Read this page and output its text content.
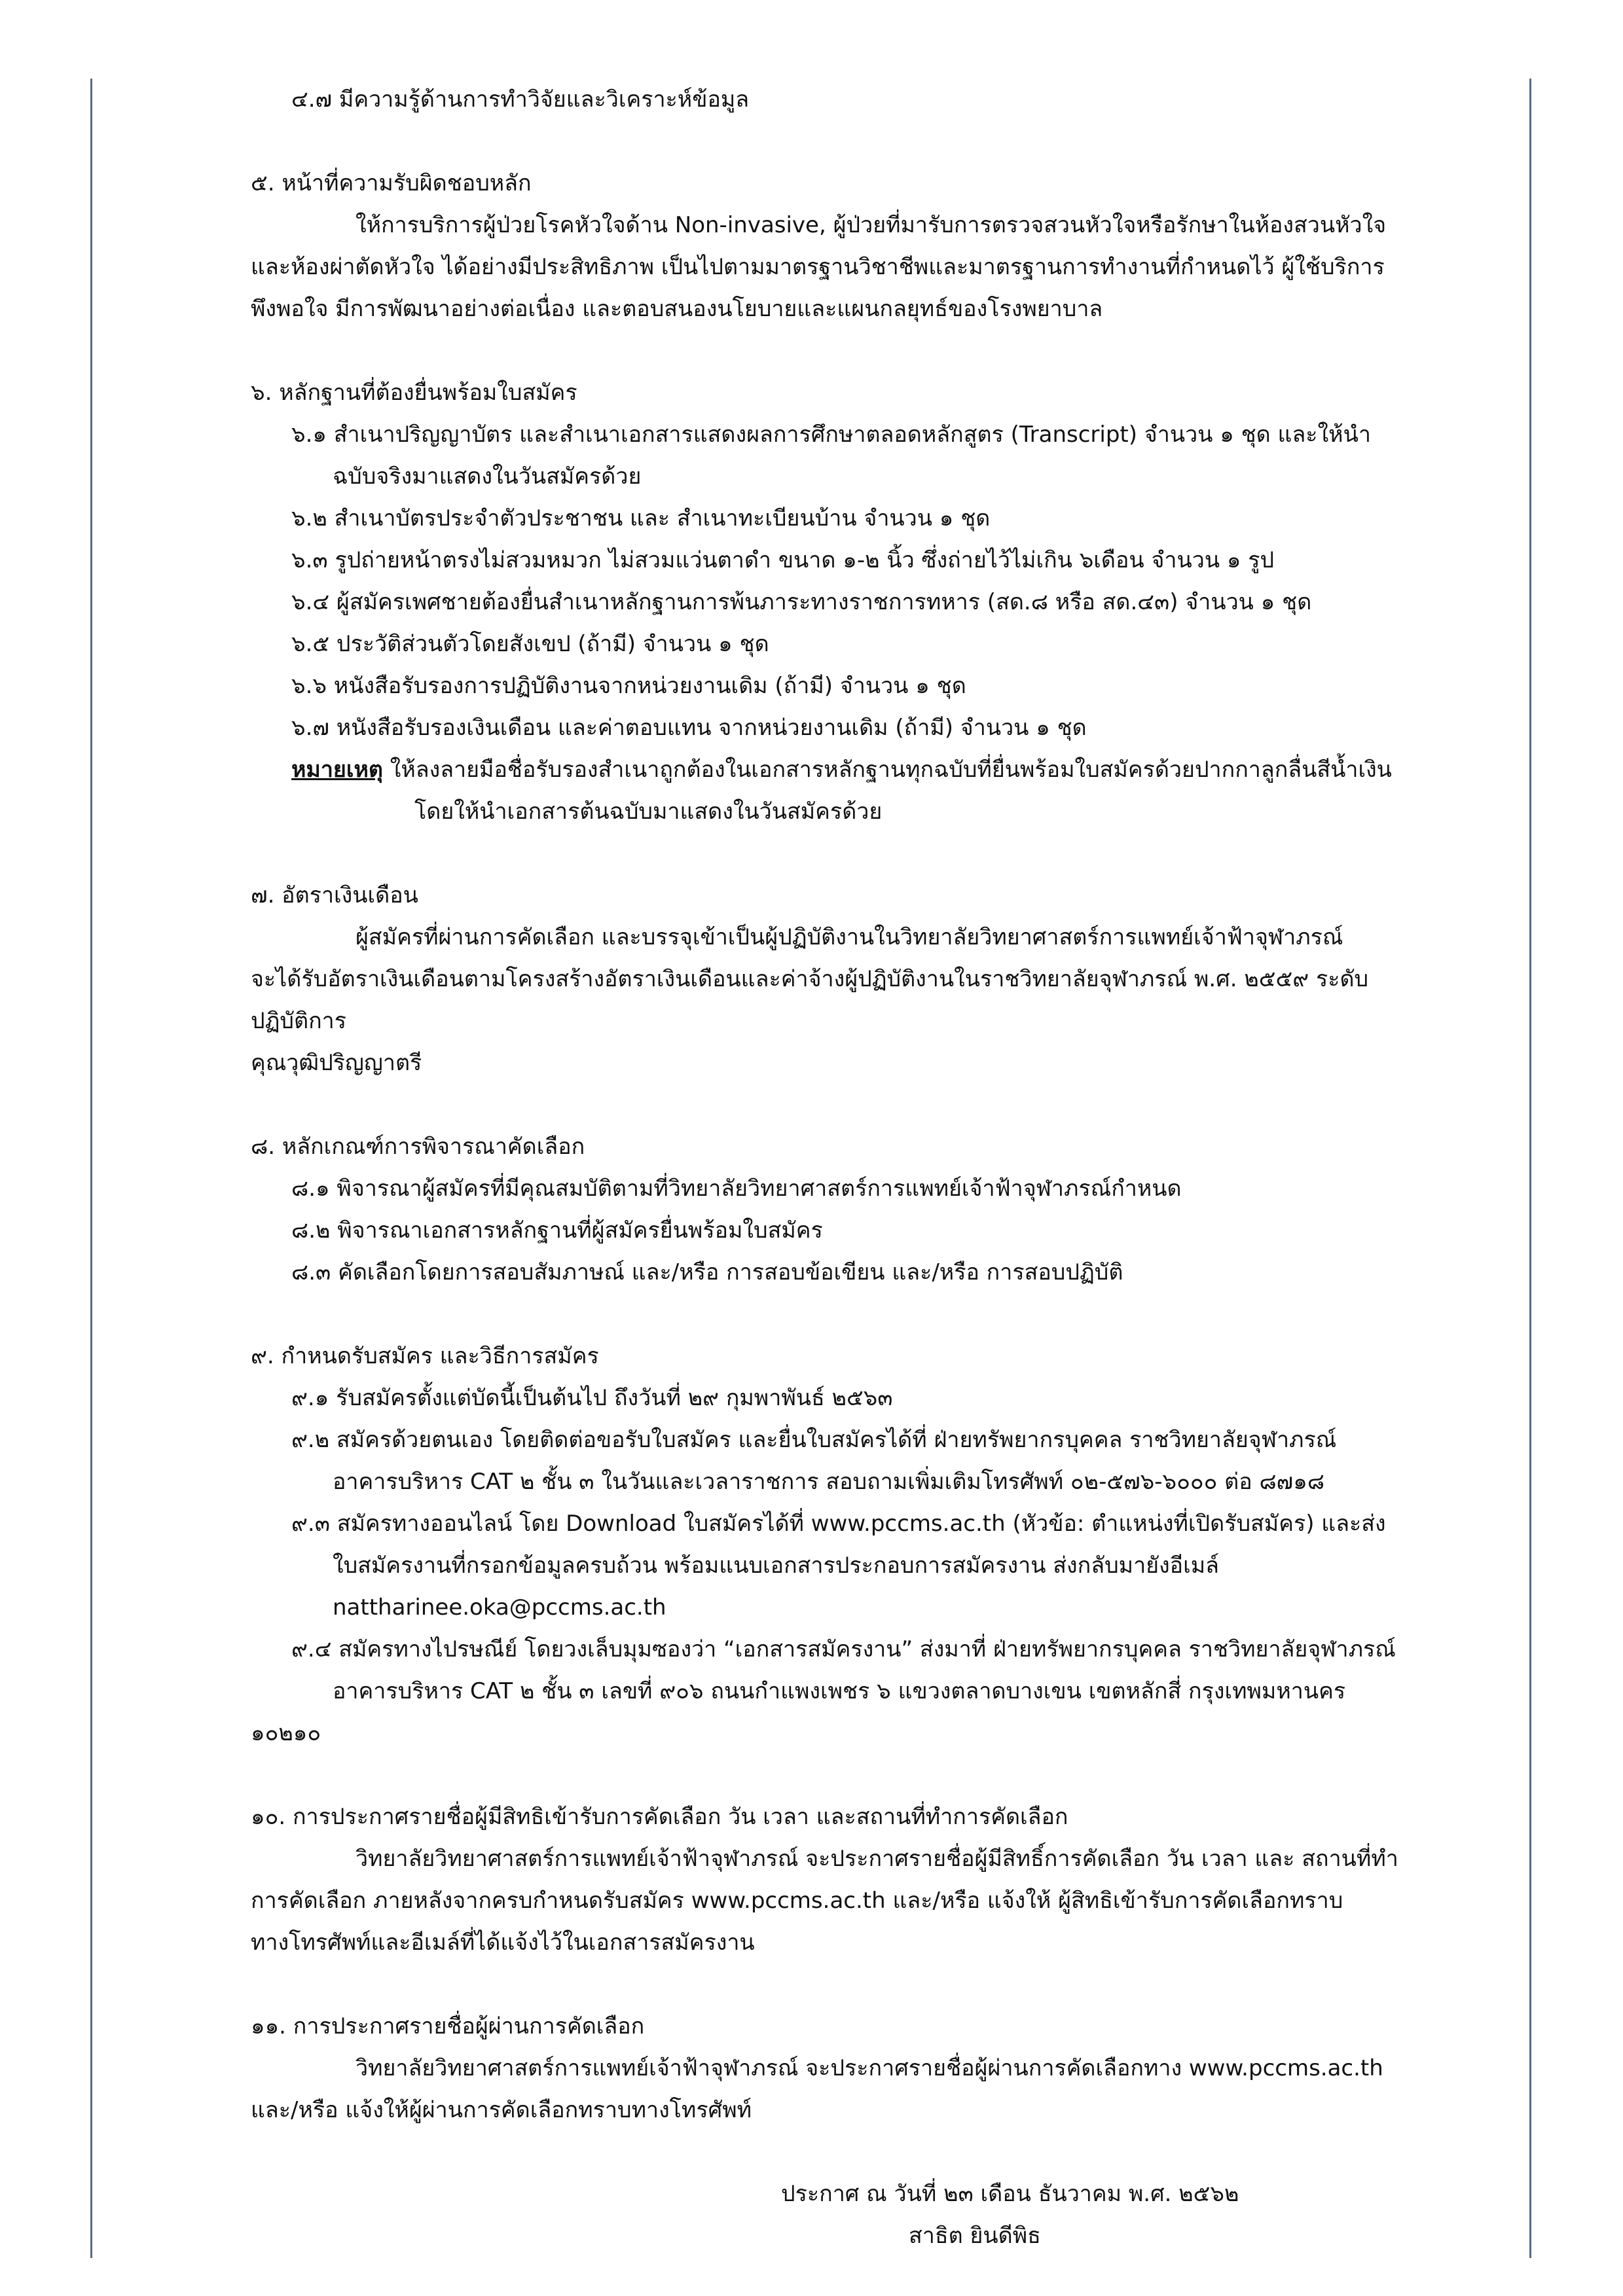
๔.๗ มีความรู้ด้านการทำวิจัยและวิเคราะห์ข้อมูล
๕. หน้าที่ความรับผิดชอบหลัก
ให้การบริการผู้ป่วยโรคหัวใจด้าน Non-invasive, ผู้ป่วยที่มารับการตรวจสวนหัวใจหรือรักษาในห้องสวนหัวใจ
และห้องผ่าตัดหัวใจ ได้อย่างมีประสิทธิภาพ เป็นไปตามมาตรฐานวิชาชีพและมาตรฐานการทำงานที่กำหนดไว้ ผู้ใช้บริการ
พึงพอใจ มีการพัฒนาอย่างต่อเนื่อง และตอบสนองนโยบายและแผนกลยุทธ์ของโรงพยาบาล
๖. หลักฐานที่ต้องยื่นพร้อมใบสมัคร
๖.๑ สำเนาปริญญาบัตร และสำเนาเอกสารแสดงผลการศึกษาตลอดหลักสูตร (Transcript) จำนวน ๑ ชุด และให้นำ
ฉบับจริงมาแสดงในวันสมัครด้วย
๖.๒ สำเนาบัตรประจำตัวประชาชน และ สำเนาทะเบียนบ้าน จำนวน ๑ ชุด
๖.๓ รูปถ่ายหน้าตรงไม่สวมหมวก ไม่สวมแว่นตาดำ ขนาด ๑-๒ นิ้ว ซึ่งถ่ายไว้ไม่เกิน ๖เดือน จำนวน ๑ รูป
๖.๔ ผู้สมัครเพศชายต้องยื่นสำเนาหลักฐานการพ้นภาระทางราชการทหาร (สด.๘ หรือ สด.๔๓) จำนวน ๑ ชุด
๖.๕ ประวัติส่วนตัวโดยสังเขป (ถ้ามี) จำนวน ๑ ชุด
๖.๖ หนังสือรับรองการปฏิบัติงานจากหน่วยงานเดิม (ถ้ามี) จำนวน ๑ ชุด
๖.๗ หนังสือรับรองเงินเดือน และค่าตอบแทน จากหน่วยงานเดิม (ถ้ามี) จำนวน ๑ ชุด
หมายเหตุ ให้ลงลายมือชื่อรับรองสำเนาถูกต้องในเอกสารหลักฐานทุกฉบับที่ยื่นพร้อมใบสมัครด้วยปากกาลูกลื่นสีน้ำเงิน
โดยให้นำเอกสารต้นฉบับมาแสดงในวันสมัครด้วย
๗. อัตราเงินเดือน
ผู้สมัครที่ผ่านการคัดเลือก และบรรจุเข้าเป็นผู้ปฏิบัติงานในวิทยาลัยวิทยาศาสตร์การแพทย์เจ้าฟ้าจุฬาภรณ์
จะได้รับอัตราเงินเดือนตามโครงสร้างอัตราเงินเดือนและค่าจ้างผู้ปฏิบัติงานในราชวิทยาลัยจุฬาภรณ์ พ.ศ. ๒๕๕๙ ระดับ
ปฏิบัติการ
คุณวุฒิปริญญาตรี
๘. หลักเกณฑ์การพิจารณาคัดเลือก
๘.๑ พิจารณาผู้สมัครที่มีคุณสมบัติตามที่วิทยาลัยวิทยาศาสตร์การแพทย์เจ้าฟ้าจุฬาภรณ์กำหนด
๘.๒ พิจารณาเอกสารหลักฐานที่ผู้สมัครยื่นพร้อมใบสมัคร
๘.๓ คัดเลือกโดยการสอบสัมภาษณ์ และ/หรือ การสอบข้อเขียน และ/หรือ การสอบปฏิบัติ
๙. กำหนดรับสมัคร และวิธีการสมัคร
๙.๑ รับสมัครตั้งแต่บัดนี้เป็นต้นไป ถึงวันที่ ๒๙ กุมพาพันธ์ ๒๕๖๓
๙.๒ สมัครด้วยตนเอง โดยติดต่อขอรับใบสมัคร และยื่นใบสมัครได้ที่ ฝ่ายทรัพยากรบุคคล ราชวิทยาลัยจุฬาภรณ์
อาคารบริหาร CAT ๒ ชั้น ๓ ในวันและเวลาราชการ สอบถามเพิ่มเติมโทรศัพท์ ๐๒-๕๗๖-๖๐๐๐ ต่อ ๘๗๑๘
๙.๓ สมัครทางออนไลน์ โดย Download ใบสมัครได้ที่ www.pccms.ac.th (หัวข้อ: ตำแหน่งที่เปิดรับสมัคร) และส่ง
ใบสมัครงานที่กรอกข้อมูลครบถ้วน พร้อมแนบเอกสารประกอบการสมัครงาน ส่งกลับมายังอีเมล์
nattharinee.oka@pccms.ac.th
๙.๔ สมัครทางไปรษณีย์ โดยวงเล็บมุมซองว่า “เอกสารสมัครงาน” ส่งมาที่ ฝ่ายทรัพยากรบุคคล ราชวิทยาลัยจุฬาภรณ์
อาคารบริหาร CAT ๒ ชั้น ๓ เลขที่ ๙๐๖ ถนนกำแพงเพชร ๖ แขวงตลาดบางเขน เขตหลักสี่ กรุงเทพมหานคร
๑๐๒๑๐
๑๐. การประกาศรายชื่อผู้มีสิทธิเข้ารับการคัดเลือก วัน เวลา และสถานที่ทำการคัดเลือก
วิทยาลัยวิทยาศาสตร์การแพทย์เจ้าฟ้าจุฬาภรณ์ จะประกาศรายชื่อผู้มีสิทธิ์การคัดเลือก วัน เวลา และ สถานที่ทำ
การคัดเลือก ภายหลังจากครบกำหนดรับสมัคร www.pccms.ac.th และ/หรือ แจ้งให้ ผู้สิทธิเข้ารับการคัดเลือกทราบ
ทางโทรศัพท์และอีเมล์ที่ได้แจ้งไว้ในเอกสารสมัครงาน
๑๑. การประกาศรายชื่อผู้ผ่านการคัดเลือก
วิทยาลัยวิทยาศาสตร์การแพทย์เจ้าฟ้าจุฬาภรณ์ จะประกาศรายชื่อผู้ผ่านการคัดเลือกทาง www.pccms.ac.th
และ/หรือ แจ้งให้ผู้ผ่านการคัดเลือกทราบทางโทรศัพท์
ประกาศ ณ วันที่ ๒๓ เดือน ธันวาคม พ.ศ. ๒๕๖๒
สาธิต ยินดีพิธ
